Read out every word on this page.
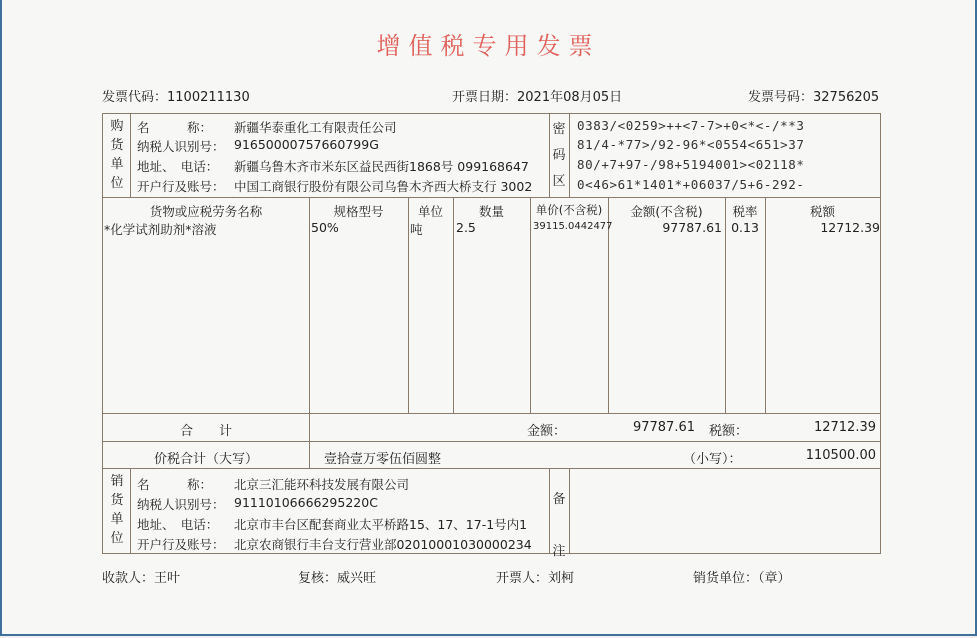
增值税专用发票
发票代码：1100211130	开票日期：2021年08月05日	发票号码：32756205
购
货
单
位
名　　　称： 新疆华泰重化工有限责任公司
纳税人识别号： 91650000757660799G
地址、　电话： 新疆乌鲁木齐市米东区益民西街1868号 099168647
开户行及账号： 中国工商银行股份有限公司乌鲁木齐西大桥支行 3002
密
码
区
0383/<0259>++<7-7>+0<*<-/**3
81/4-*77>/92-96*<0554<651>37
80/+7+97-/98+5194001><02118*
0<46>61*1401*+06037/5+6-292-
货物或应税劳务名称	规格型号	单位	数量	单价(不含税)	金额(不含税)	税率	税额
*化学试剂助剂*溶液	50%	吨	2.5	39115.0442477	97787.61 0.13	12712.39
合　　计	金额：	97787.61 税额：	12712.39
价税合计（大写）	壹拾壹万零伍佰圆整	（小写）：	110500.00
销
货
单
位
名　　　称： 北京三汇能环科技发展有限公司
纳税人识别号： 91110106666295220C
地址、　电话： 北京市丰台区配套商业太平桥路15、17、17-1号内1
开户行及账号： 北京农商银行丰台支行营业部02010001030000234
备
注
收款人：王叶	复核：威兴旺	开票人：刘柯	销货单位：（章）
